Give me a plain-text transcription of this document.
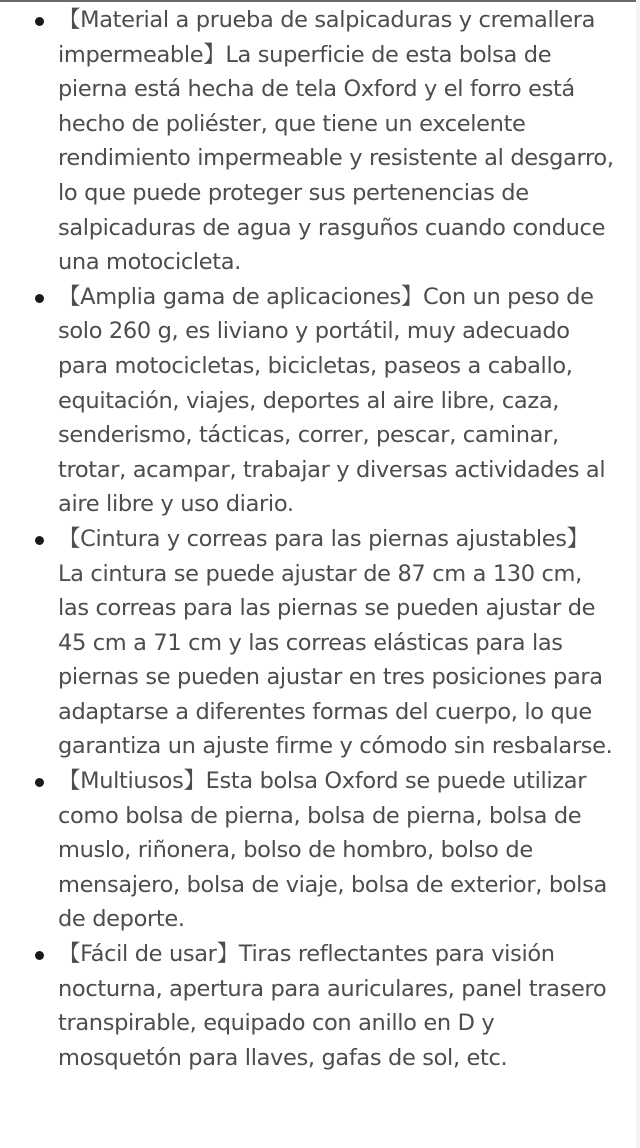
【Material a prueba de salpicaduras y cremallera impermeable】La superficie de esta bolsa de pierna está hecha de tela Oxford y el forro está hecho de poliéster, que tiene un excelente rendimiento impermeable y resistente al desgarro, lo que puede proteger sus pertenencias de salpicaduras de agua y rasguños cuando conduce una motocicleta.
【Amplia gama de aplicaciones】Con un peso de solo 260 g, es liviano y portátil, muy adecuado para motocicletas, bicicletas, paseos a caballo, equitación, viajes, deportes al aire libre, caza, senderismo, tácticas, correr, pescar, caminar, trotar, acampar, trabajar y diversas actividades al aire libre y uso diario.
【Cintura y correas para las piernas ajustables】La cintura se puede ajustar de 87 cm a 130 cm, las correas para las piernas se pueden ajustar de 45 cm a 71 cm y las correas elásticas para las piernas se pueden ajustar en tres posiciones para adaptarse a diferentes formas del cuerpo, lo que garantiza un ajuste firme y cómodo sin resbalarse.
【Multiusos】Esta bolsa Oxford se puede utilizar como bolsa de pierna, bolsa de pierna, bolsa de muslo, riñonera, bolso de hombro, bolso de mensajero, bolsa de viaje, bolsa de exterior, bolsa de deporte.
【Fácil de usar】Tiras reflectantes para visión nocturna, apertura para auriculares, panel trasero transpirable, equipado con anillo en D y mosquetón para llaves, gafas de sol, etc.
